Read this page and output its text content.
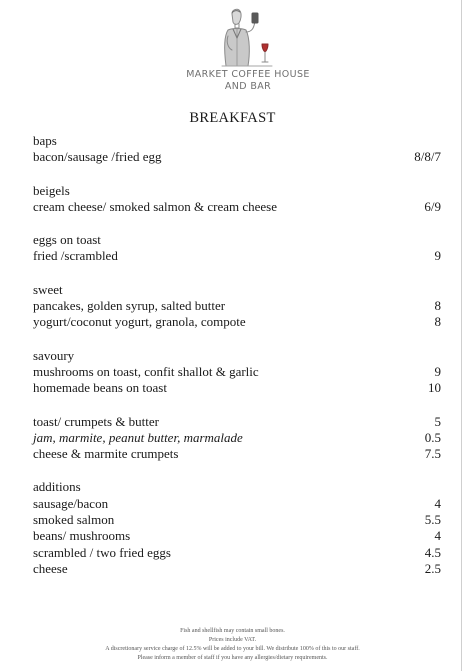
MARKET COFFEE HOUSE
AND BAR
BREAKFAST
baps
bacon/sausage /fried egg	8/8/7
beigels
cream cheese/ smoked salmon & cream cheese	6/9
eggs on toast
fried /scrambled	9
sweet
pancakes, golden syrup, salted butter	8
yogurt/coconut yogurt, granola, compote	8
savoury
mushrooms on toast, confit shallot & garlic	9
homemade beans on toast	10
toast/ crumpets & butter	5
jam, marmite, peanut butter, marmalade	0.5
cheese & marmite crumpets	7.5
additions
sausage/bacon	4
smoked salmon	5.5
beans/ mushrooms	4
scrambled / two fried eggs	4.5
cheese	2.5
Fish and shellfish may contain small bones.
Prices include VAT.
A discretionary service charge of 12.5% will be added to your bill. We distribute 100% of this to our staff.
Please inform a member of staff if you have any allergies/dietary requirements.
